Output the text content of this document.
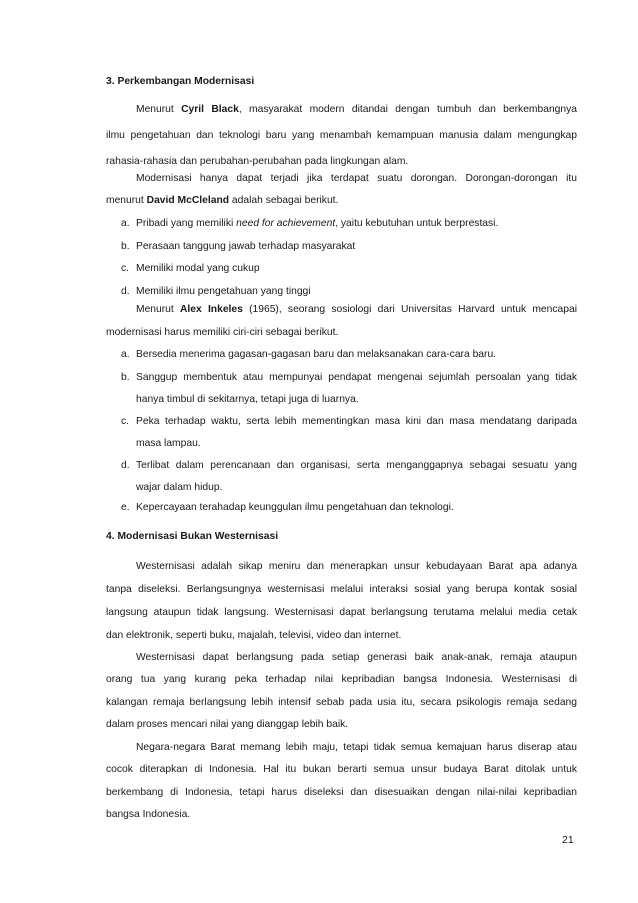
3. Perkembangan Modernisasi
Menurut Cyril Black, masyarakat modern ditandai dengan tumbuh dan berkembangnya
ilmu pengetahuan dan teknologi baru yang menambah kemampuan manusia dalam mengungkap
rahasia-rahasia dan perubahan-perubahan pada lingkungan alam.
Modernisasi hanya dapat terjadi jika terdapat suatu dorongan. Dorongan-dorongan itu
menurut David McCleland adalah sebagai berikut.
a. Pribadi yang memiliki need for achievement, yaitu kebutuhan untuk berprestasi.
b. Perasaan tanggung jawab terhadap masyarakat
c. Memiliki modal yang cukup
d. Memiliki ilmu pengetahuan yang tinggi
Menurut Alex Inkeles (1965), seorang sosiologi dari Universitas Harvard untuk mencapai
modernisasi harus memiliki ciri-ciri sebagai berikut.
a. Bersedia menerima gagasan-gagasan baru dan melaksanakan cara-cara baru.
b. Sanggup membentuk atau mempunyai pendapat mengenai sejumlah persoalan yang tidak
hanya timbul di sekitarnya, tetapi juga di luarnya.
c. Peka terhadap waktu, serta lebih mementingkan masa kini dan masa mendatang daripada
masa lampau.
d. Terlibat dalam perencanaan dan organisasi, serta menganggapnya sebagai sesuatu yang
wajar dalam hidup.
e. Kepercayaan terahadap keunggulan ilmu pengetahuan dan teknologi.
4. Modernisasi Bukan Westernisasi
Westernisasi adalah sikap meniru dan menerapkan unsur kebudayaan Barat apa adanya
tanpa diseleksi. Berlangsungnya westernisasi melalui interaksi sosial yang berupa kontak sosial
langsung ataupun tidak langsung. Westernisasi dapat berlangsung terutama melalui media cetak
dan elektronik, seperti buku, majalah, televisi, video dan internet.
Westernisasi dapat berlangsung pada setiap generasi baik anak-anak, remaja ataupun
orang tua yang kurang peka terhadap nilai kepribadian bangsa Indonesia. Westernisasi di
kalangan remaja berlangsung lebih intensif sebab pada usia itu, secara psikologis remaja sedang
dalam proses mencari nilai yang dianggap lebih baik.
Negara-negara Barat memang lebih maju, tetapi tidak semua kemajuan harus diserap atau
cocok diterapkan di Indonesia. Hal itu bukan berarti semua unsur budaya Barat ditolak untuk
berkembang di Indonesia, tetapi harus diseleksi dan disesuaikan dengan nilai-nilai kepribadian
bangsa Indonesia.
21
